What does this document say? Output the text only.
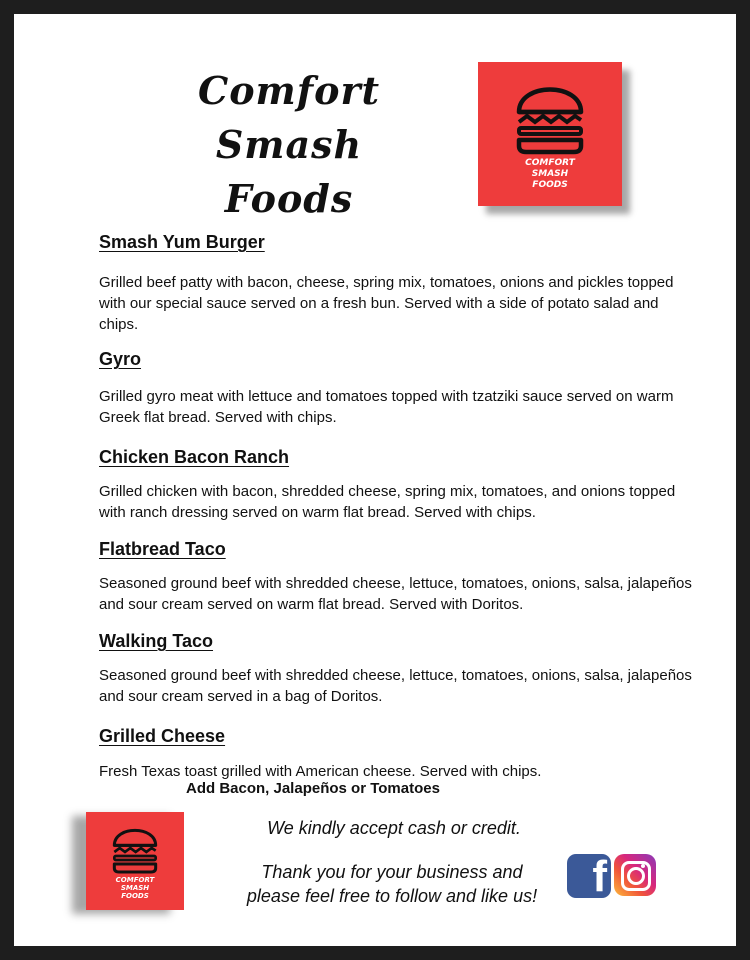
Comfort
Smash
Foods
COMFORT
SMASH
FOODS
Smash Yum Burger
Grilled beef patty with bacon, cheese, spring mix, tomatoes, onions and pickles topped with our special sauce served on a fresh bun. Served with a side of potato salad and chips.
Gyro
Grilled gyro meat with lettuce and tomatoes topped with tzatziki sauce served on warm Greek flat bread. Served with chips.
Chicken Bacon Ranch
Grilled chicken with bacon, shredded cheese, spring mix, tomatoes, and onions topped with ranch dressing served on warm flat bread. Served with chips.
Flatbread Taco
Seasoned ground beef with shredded cheese, lettuce, tomatoes, onions, salsa, jalapeños and sour cream served on warm flat bread. Served with Doritos.
Walking Taco
Seasoned ground beef with shredded cheese, lettuce, tomatoes, onions, salsa, jalapeños and sour cream served in a bag of Doritos.
Grilled Cheese
Fresh Texas toast grilled with American cheese. Served with chips.
Add Bacon, Jalapeños or Tomatoes
COMFORT
SMASH
FOODS
We kindly accept cash or credit.
Thank you for your business and
please feel free to follow and like us!	f
